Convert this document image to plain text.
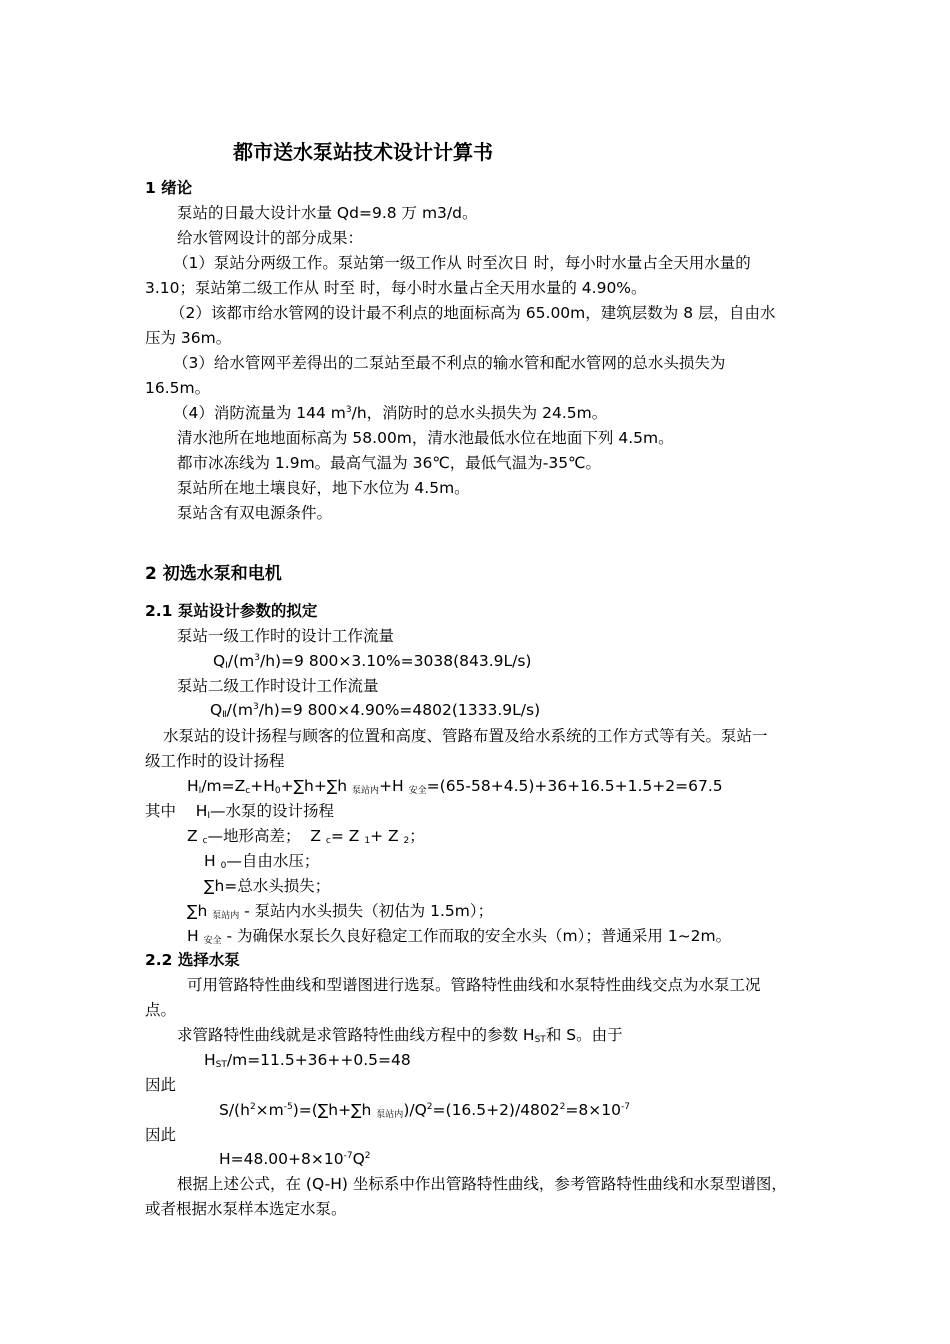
都市送水泵站技术设计计算书
1 绪论
泵站的日最大设计水量 Qd=9.8 万 m3/d。
给水管网设计的部分成果：
（1）泵站分两级工作。泵站第一级工作从 时至次日 时，每小时水量占全天用水量的
3.10；泵站第二级工作从 时至 时，每小时水量占全天用水量的 4.90%。
（2）该都市给水管网的设计最不利点的地面标高为 65.00m，建筑层数为 8 层，自由水
压为 36m。
（3）给水管网平差得出的二泵站至最不利点的输水管和配水管网的总水头损失为
16.5m。
（4）消防流量为 144 $m^3/h$，消防时的总水头损失为 24.5m。
清水池所在地地面标高为 58.00m，清水池最低水位在地面下列 4.5m。
都市冰冻线为 1.9m。最高气温为 36℃，最低气温为-35℃。
泵站所在地土壤良好，地下水位为 4.5m。
泵站含有双电源条件。
2 初选水泵和电机
2.1 泵站设计参数的拟定
泵站一级工作时的设计工作流量
$Q_Ⅰ/(m^3/h)=9$ 800×3.10%=3038(843.9L/s)
泵站二级工作时设计工作流量
$Q_Ⅱ/(m^3/h)=9$ 800×4.90%=4802(1333.9L/s)
水泵站的设计扬程与顾客的位置和高度、管路布置及给水系统的工作方式等有关。泵站一
级工作时的设计扬程
$H_Ⅰ/m=Z_c+H_0+\sum h+\sum h$ $_{泵站内}$+H $_{安全}$=(65-58+4.5)+36+16.5+1.5+2=67.5
其中    $H_Ⅰ—$水泵的设计扬程
Z $_c$—地形高差；  Z $_c$= Z $_1$+ Z $_2$；
H $_0$—自由水压；
∑h=总水头损失；
∑h $_{泵站内}$ - 泵站内水头损失（初估为 1.5m）；
H $_{安全}$ - 为确保水泵长久良好稳定工作而取的安全水头（m）；普通采用 1~2m。
2.2 选择水泵
可用管路特性曲线和型谱图进行选泵。管路特性曲线和水泵特性曲线交点为水泵工况
点。
求管路特性曲线就是求管路特性曲线方程中的参数 $H_{ST}$和 S。由于
$H_{ST}/m=11.5+36++0.5=48$
因此
$S/(h^2\times m^{-5})=(\sum h+\sum h$ $_{泵站内})/Q^2=(16.5+2)/4802^2=8\times 10^{-7}$
因此
$H=48.00+8\times 10^{-7}Q^2$
根据上述公式，在 (Q-H) 坐标系中作出管路特性曲线，参考管路特性曲线和水泵型谱图，
或者根据水泵样本选定水泵。
